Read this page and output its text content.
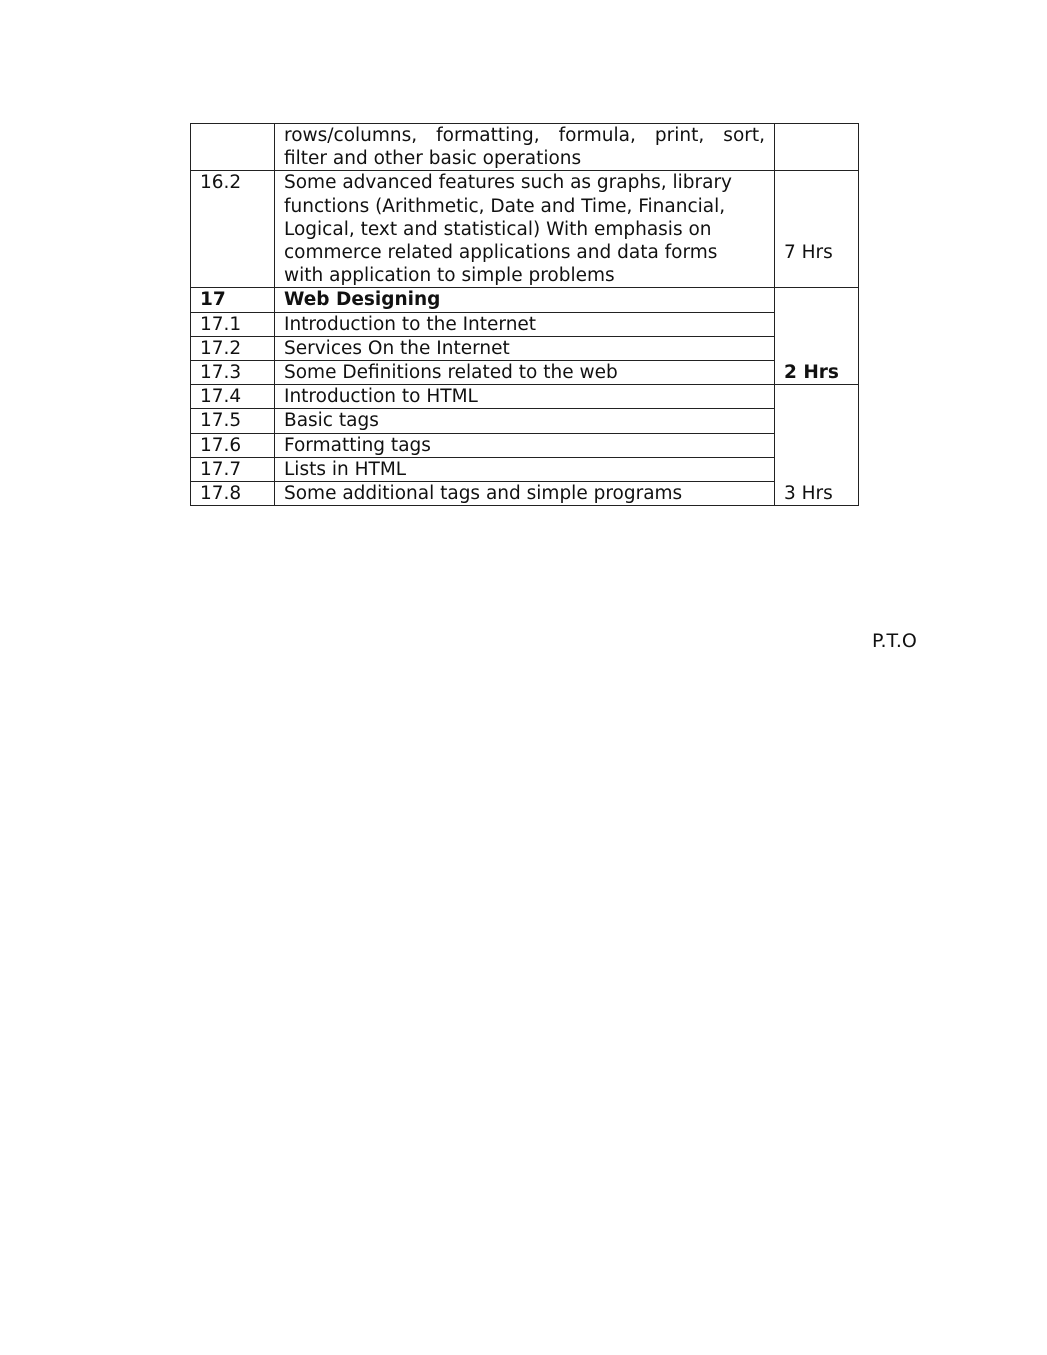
	rows/columns, formatting, formula, print, sort,
filter and other basic operations	

16.2	Some advanced features such as graphs, library
functions (Arithmetic, Date and Time, Financial,
Logical, text and statistical) With emphasis on
commerce related applications and data forms
with application to simple problems	7 Hrs
17	Web Designing	2 Hrs
17.1	Introduction to the Internet	
17.2	Services On the Internet	
17.3	Some Definitions related to the web	
17.4	Introduction to HTML	3 Hrs
17.5	Basic tags	
17.6	Formatting tags	
17.7	Lists in HTML	
17.8	Some additional tags and simple programs	
P.T.O
